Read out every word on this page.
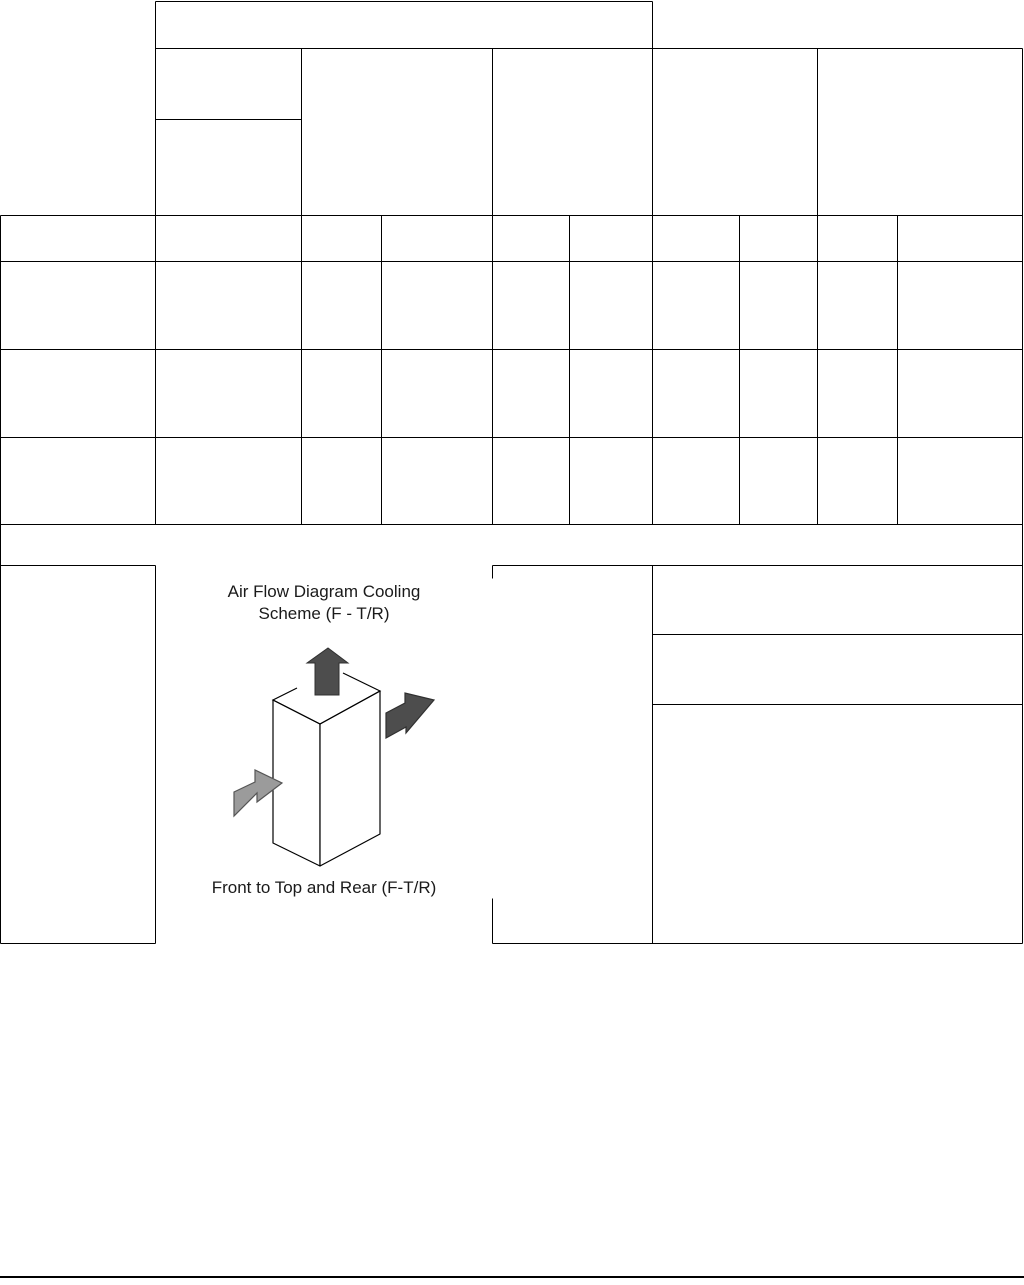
Air Flow Diagram Cooling
Scheme (F - T/R)
Front to Top and Rear (F-T/R)
